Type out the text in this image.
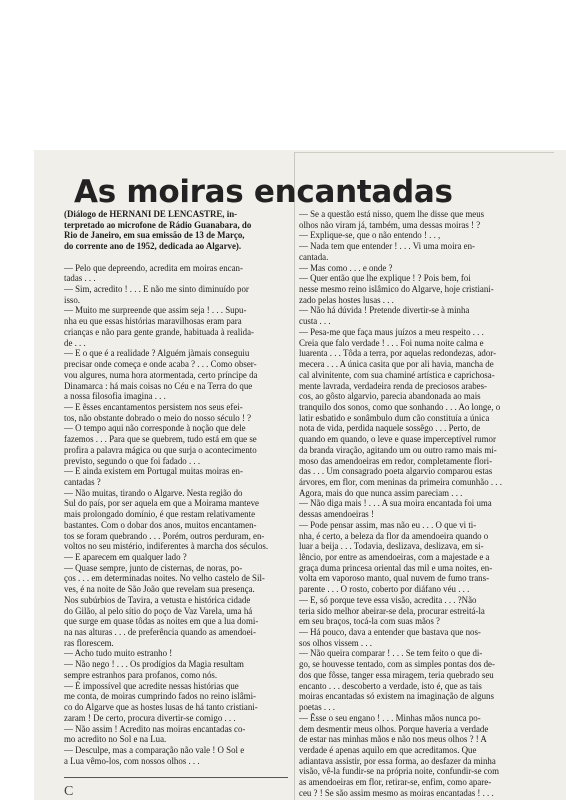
As moiras encantadas
(Diálogo de HERNANI DE LENCASTRE, in-
terpretado ao microfone de Rádio Guanabara, do
Rio de Janeiro, em sua emissão de 13 de Março,
do corrente ano de 1952, dedicada ao Algarve).
— Pelo que depreendo, acredita em moiras encan-
tadas . . .
— Sim, acredito ! . . . E não me sinto diminuído por
isso.
— Muito me surpreende que assim seja ! . . . Supu-
nha eu que essas histórias maravilhosas eram para
crianças e não para gente grande, habituada à realida-
de . . .
— E o que é a realidade ? Alguém jàmais conseguiu
precisar onde começa e onde acaba ? . . . Como obser-
vou algures, numa hora atormentada, certo príncipe da
Dinamarca : há mais coisas no Céu e na Terra do que
a nossa filosofia imagina . . .
— E êsses encantamentos persistem nos seus efei-
tos, não obstante dobrado o meio do nosso século ! ?
— O tempo aqui não corresponde à noção que dele
fazemos . . . Para que se quebrem, tudo está em que se
profira a palavra mágica ou que surja o acontecimento
previsto, segundo o que foi fadado . . .
— E ainda existem em Portugal muitas moiras en-
cantadas ?
— Não muitas, tirando o Algarve. Nesta região do
Sul do país, por ser aquela em que a Moirama manteve
mais prolongado domínio, é que restam relativamente
bastantes. Com o dobar dos anos, muitos encantamen-
tos se foram quebrando . . . Porém, outros perduram, en-
voltos no seu mistério, indiferentes à marcha dos séculos.
— E aparecem em qualquer lado ?
— Quase sempre, junto de cisternas, de noras, po-
ços . . . em determinadas noites. No velho castelo de Sil-
ves, é na noite de São João que revelam sua presença.
Nos subúrbios de Tavira, a vetusta e histórica cidade
do Gilão, al pelo sítio do poço de Vaz Varela, uma há
que surge em quase tôdas as noites em que a lua domi-
na nas alturas . . . de preferência quando as amendoei-
ras florescem.
— Acho tudo muito estranho !
— Não nego ! . . . Os prodígios da Magia resultam
sempre estranhos para profanos, como nós.
— É impossível que acredite nessas histórias que
me conta, de moiras cumprindo fados no reino islâmi-
co do Algarve que as hostes lusas de há tanto cristiani-
zaram ! De certo, procura divertir-se comigo . . .
— Não assim ! Acredito nas moiras encantadas co-
mo acredito no Sol e na Lua.
— Desculpe, mas a comparação não vale ! O Sol e
a Lua vêmo-los, com nossos olhos . . .
— Se a questão está nisso, quem lhe disse que meus
olhos não viram já, também, uma dessas moiras ! ?
— Explique-se, que o não entendo ! . . ,
— Nada tem que entender ! . . . Vi uma moira en-
cantada.
— Mas como . . . e onde ?
— Quer então que lhe explique ! ? Pois bem, foi
nesse mesmo reino islâmico do Algarve, hoje cristiani-
zado pelas hostes lusas . . .
— Não há dúvida ! Pretende divertir-se à minha
custa . . .
— Pesa-me que faça maus juízos a meu respeito . . .
Creia que falo verdade ! . . . Foi numa noite calma e
luarenta . . . Tôda a terra, por aquelas redondezas, ador-
mecera . . . A única casita que por ali havia, mancha de
cal alvinitente, com sua chaminé artística e caprichosa-
mente lavrada, verdadeira renda de preciosos arabes-
cos, ao gôsto algarvio, parecia abandonada ao mais
tranquilo dos sonos, como que sonhando . . . Ao longe, o
latir esbatido e sonâmbulo dum cão constituía a única
nota de vida, perdida naquele sossêgo . . . Perto, de
quando em quando, o leve e quase imperceptível rumor
da branda viração, agitando um ou outro ramo mais mi-
moso das amendoeiras em redor, completamente flori-
das . . . Um consagrado poeta algarvio comparou estas
árvores, em flor, com meninas da primeira comunhão . . .
Agora, mais do que nunca assim pareciam . . .
— Não diga mais ! . . . A sua moira encantada foi uma
dessas amendoeiras !
— Pode pensar assim, mas não eu . . . O que vi ti-
nha, é certo, a beleza da flor da amendoeira quando o
luar a beija . . . Todavia, deslizava, deslizava, em si-
lêncio, por entre as amendoeiras, com a majestade e a
graça duma princesa oriental das mil e uma noites, en-
volta em vaporoso manto, qual nuvem de fumo trans-
parente . . . O rosto, coberto por diáfano véu . . .
— E, só porque teve essa visão, acredita . . . ?Não
teria sido melhor abeirar-se dela, procurar estreitá-la
em seu braços, tocá-la com suas mãos ?
— Há pouco, dava a entender que bastava que nos-
sos olhos vissem . . .
— Não queira comparar ! . . . Se tem feito o que di-
go, se houvesse tentado, com as simples pontas dos de-
dos que fôsse, tanger essa miragem, teria quebrado seu
encanto . . . descoberto a verdade, isto é, que as tais
moiras encantadas só existem na imaginação de alguns
poetas . . .
— Êsse o seu engano ! . . . Minhas mãos nunca po-
dem desmentir meus olhos. Porque haveria a verdade
de estar nas minhas mãos e não nos meus olhos ? ! A
verdade é apenas aquilo em que acreditamos. Que
adiantava assistir, por essa forma, ao desfazer da minha
visão, vê-la fundir-se na própria noite, confundir-se com
as amendoeiras em flor, retirar-se, enfim, como apare-
ceu ? ! Se são assim mesmo as moiras encantadas ! . . .
C
